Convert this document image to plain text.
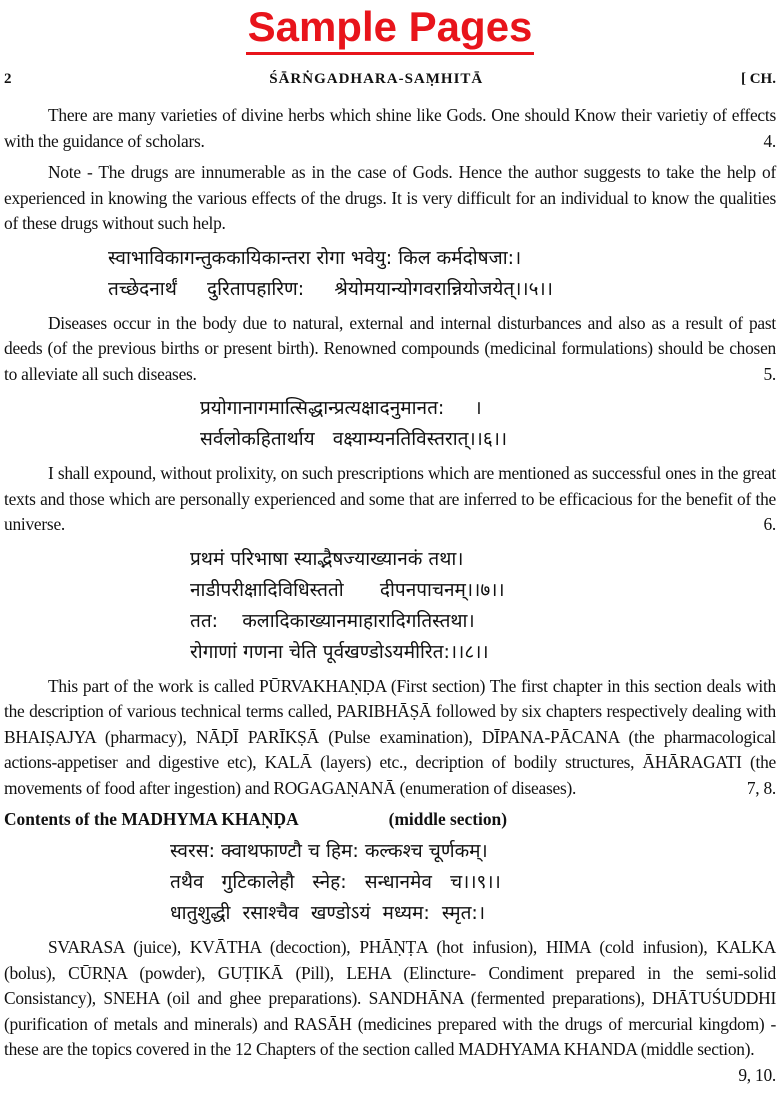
Sample Pages
2	ŚĀRṄGADHARA-SAṂHITĀ	[ CH.

There are many varieties of divine herbs which shine like Gods. One should Know their varietiy of effects with the guidance of scholars.	4.

Note - The drugs are innumerable as in the case of Gods. Hence the author suggests to take the help of experienced in knowing the various effects of the drugs. It is very difficult for an individual to know the qualities of these drugs without such help.

स्वाभाविकागन्तुककायिकान्तरा रोगा भवेयु: किल कर्मदोषजा:।
तच्छेदनार्थं     दुरितापहारिण:     श्रेयोमयान्योगवरान्नियोजयेत्।।५।।

Diseases occur in the body due to natural, external and internal disturbances and also as a result of past deeds (of the previous births or present birth). Renowned compounds (medicinal formulations) should be chosen to alleviate all such diseases.	5.

प्रयोगानागमात्सिद्धान्प्रत्यक्षादनुमानत:     ।
सर्वलोकहितार्थाय   वक्ष्याम्यनतिविस्तरात्।।६।।

I shall expound, without prolixity, on such prescriptions which are mentioned as successful ones in the great texts and those which are personally experienced and some that are inferred to be efficacious for the benefit of the universe.	6.

प्रथमं परिभाषा स्याद्भैषज्याख्यानकं तथा।
नाडीपरीक्षादिविधिस्ततो      दीपनपाचनम्।।७।।
तत:    कलादिकाख्यानमाहारादिगतिस्तथा।
रोगाणां गणना चेति पूर्वखण्डोऽयमीरित:।।८।।

This part of the work is called PŪRVAKHAṆḌA (First section) The first chapter in this section deals with the description of various technical terms called, PARIBHĀṢĀ followed by six chapters respectively dealing with BHAIṢAJYA (pharmacy), NĀḌĪ PARĪKṢĀ (Pulse examination), DĪPANA-PĀCANA (the pharmacological actions-appetiser and digestive etc), KALĀ (layers) etc., decription of bodily structures, ĀHĀRAGATI (the movements of food after ingestion) and ROGAGAṆANĀ (enumeration of diseases).	7, 8.

Contents of the MADHYMA KHAṆḌA	(middle section)
स्वरस: क्वाथफाण्टौ च हिम: कल्कश्च चूर्णकम्।
तथैव   गुटिकालेहौ   स्नेह:   सन्धानमेव   च।।९।।
धातुशुद्धी  रसाश्चैव  खण्डोऽयं  मध्यम:  स्मृत:।

SVARASA (juice), KVĀTHA (decoction), PHĀṆṬA (hot infusion), HIMA (cold infusion), KALKA (bolus), CŪRṆA (powder), GUṬIKĀ (Pill), LEHA (Elincture- Condiment prepared in the semi-solid Consistancy), SNEHA (oil and ghee preparations). SANDHĀNA (fermented preparations), DHĀTUŚUDDHI (purification of metals and minerals) and RASĀH (medicines prepared with the drugs of mercurial kingdom) - these are the topics covered in the 12 Chapters of the section called MADHYAMA KHANDA (middle section).
9, 10.
